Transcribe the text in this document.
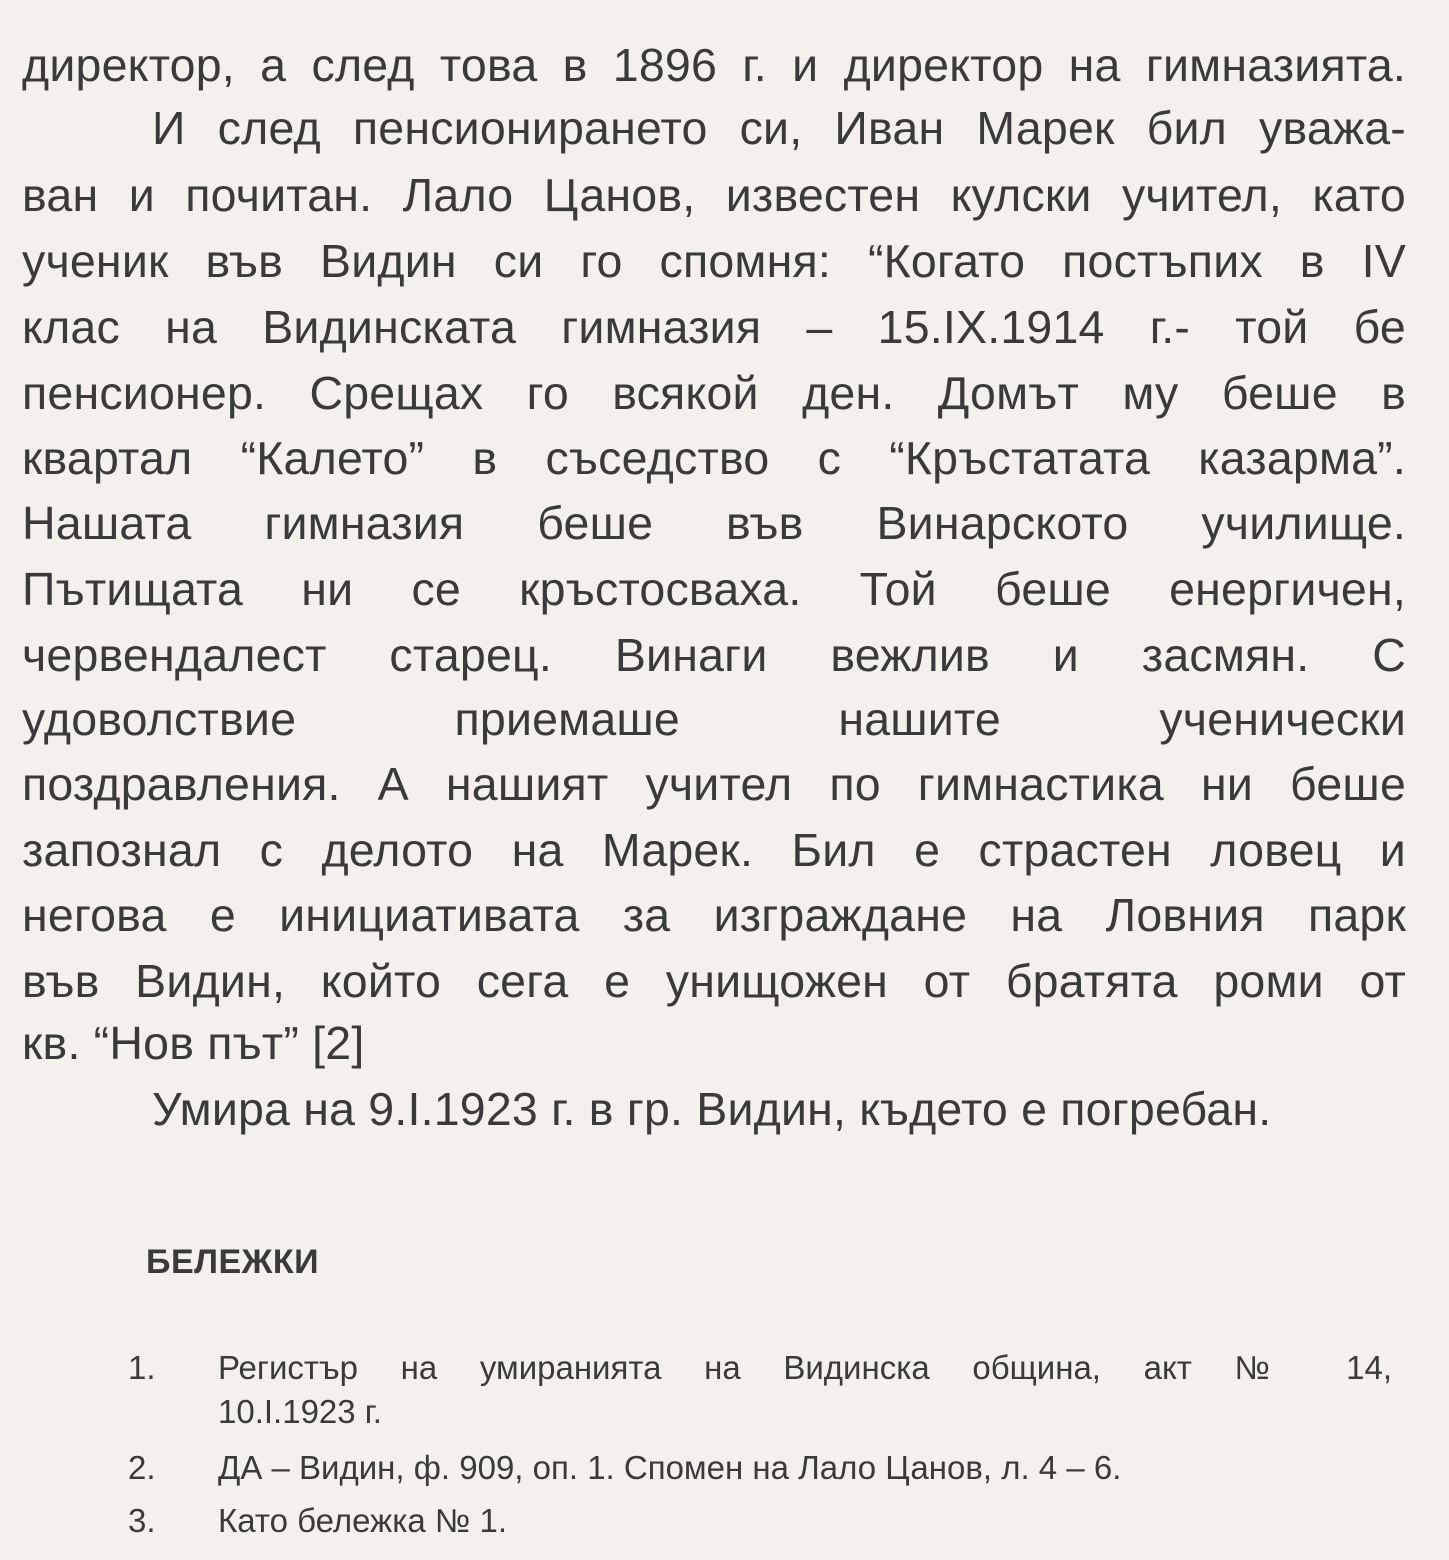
директор, а след това в 1896 г. и директор на гимназията.
И след пенсионирането си, Иван Марек бил уважа-
ван и почитан. Лало Цанов, известен кулски учител, като
ученик във Видин си го спомня: “Когато постъпих в IV
клас на Видинската гимназия – 15.IX.1914 г.- той бе
пенсионер. Срещах го всякой ден. Домът му беше в
квартал “Калето” в съседство с “Кръстатата казарма”.
Нашата гимназия беше във Винарското училище.
Пътищата ни се кръстосваха. Той беше енергичен,
червендалест старец. Винаги вежлив и засмян. С
удоволствие приемаше нашите ученически
поздравления. А нашият учител по гимнастика ни беше
запознал с делото на Марек. Бил е страстен ловец и
негова е инициативата за изграждане на Ловния парк
във Видин, който сега е унищожен от братята роми от
кв. “Нов път” [2]
Умира на 9.I.1923 г. в гр. Видин, където е погребан.
БЕЛЕЖКИ
1.	Регистър на умиранията на Видинска община, акт № 14,
10.I.1923 г.
2.	ДА – Видин, ф. 909, оп. 1. Спомен на Лало Цанов, л. 4 – 6.
3.	Като бележка № 1.
